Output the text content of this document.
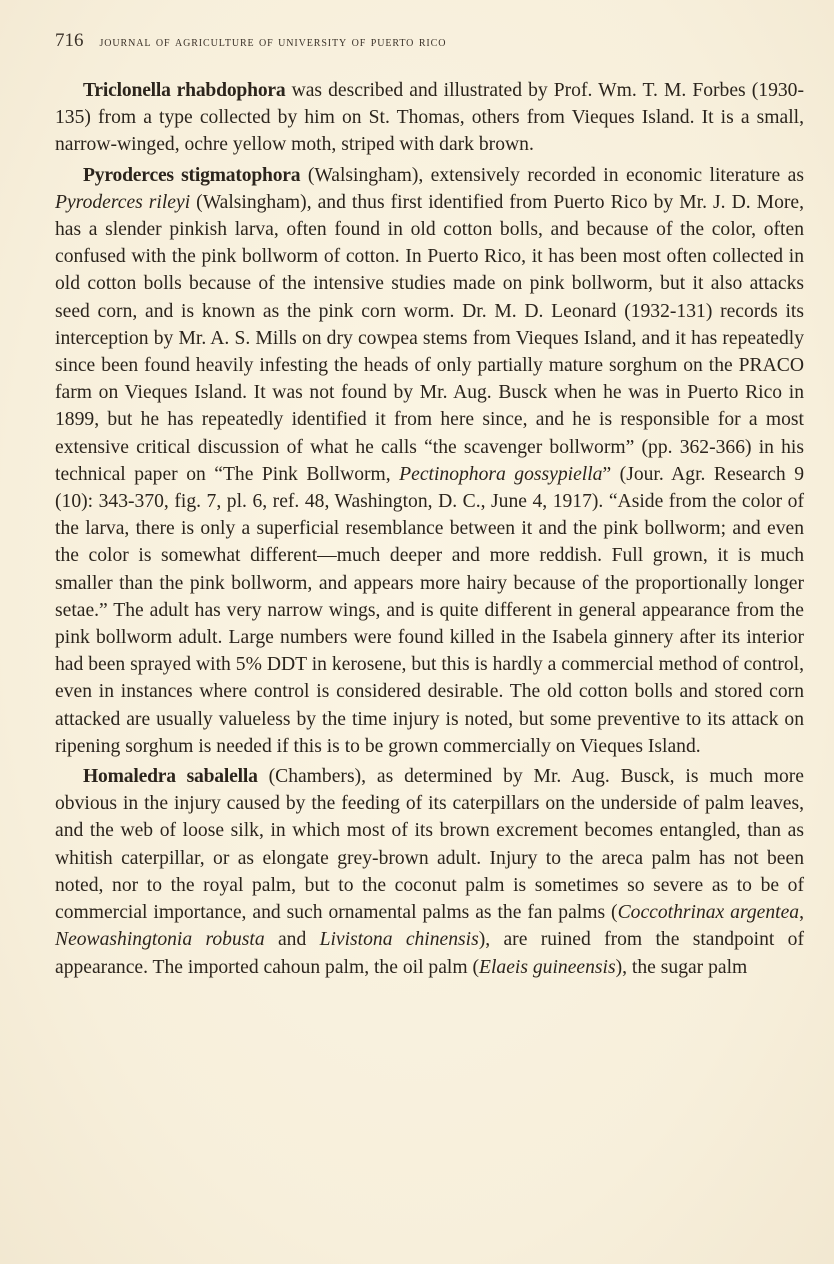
716 journal of agriculture of university of puerto rico

Triclonella rhabdophora was described and illustrated by Prof. Wm. T. M. Forbes (1930-135) from a type collected by him on St. Thomas, others from Vieques Island. It is a small, narrow-winged, ochre yellow moth, striped with dark brown.

Pyroderces stigmatophora (Walsingham), extensively recorded in economic literature as Pyroderces rileyi (Walsingham), and thus first identified from Puerto Rico by Mr. J. D. More, has a slender pinkish larva, often found in old cotton bolls, and because of the color, often confused with the pink bollworm of cotton. In Puerto Rico, it has been most often collected in old cotton bolls because of the intensive studies made on pink bollworm, but it also attacks seed corn, and is known as the pink corn worm. Dr. M. D. Leonard (1932-131) records its interception by Mr. A. S. Mills on dry cowpea stems from Vieques Island, and it has repeatedly since been found heavily infesting the heads of only partially mature sorghum on the PRACO farm on Vieques Island. It was not found by Mr. Aug. Busck when he was in Puerto Rico in 1899, but he has repeatedly identified it from here since, and he is responsible for a most extensive critical discussion of what he calls “the scavenger bollworm” (pp. 362-366) in his technical paper on “The Pink Bollworm, Pectinophora gossypiella” (Jour. Agr. Research 9 (10): 343-370, fig. 7, pl. 6, ref. 48, Washington, D. C., June 4, 1917). “Aside from the color of the larva, there is only a superficial resemblance between it and the pink bollworm; and even the color is somewhat different—much deeper and more reddish. Full grown, it is much smaller than the pink bollworm, and appears more hairy because of the proportionally longer setae.” The adult has very narrow wings, and is quite different in general appearance from the pink bollworm adult. Large numbers were found killed in the Isabela ginnery after its interior had been sprayed with 5% DDT in kerosene, but this is hardly a commercial method of control, even in instances where control is considered desirable. The old cotton bolls and stored corn attacked are usually valueless by the time injury is noted, but some preventive to its attack on ripening sorghum is needed if this is to be grown commercially on Vieques Island.

Homaledra sabalella (Chambers), as determined by Mr. Aug. Busck, is much more obvious in the injury caused by the feeding of its caterpillars on the underside of palm leaves, and the web of loose silk, in which most of its brown excrement becomes entangled, than as whitish caterpillar, or as elongate grey-brown adult. Injury to the areca palm has not been noted, nor to the royal palm, but to the coconut palm is sometimes so severe as to be of commercial importance, and such ornamental palms as the fan palms (Coccothrinax argentea, Neowashingtonia robusta and Livistona chinensis), are ruined from the standpoint of appearance. The imported cahoun palm, the oil palm (Elaeis guineensis), the sugar palm
